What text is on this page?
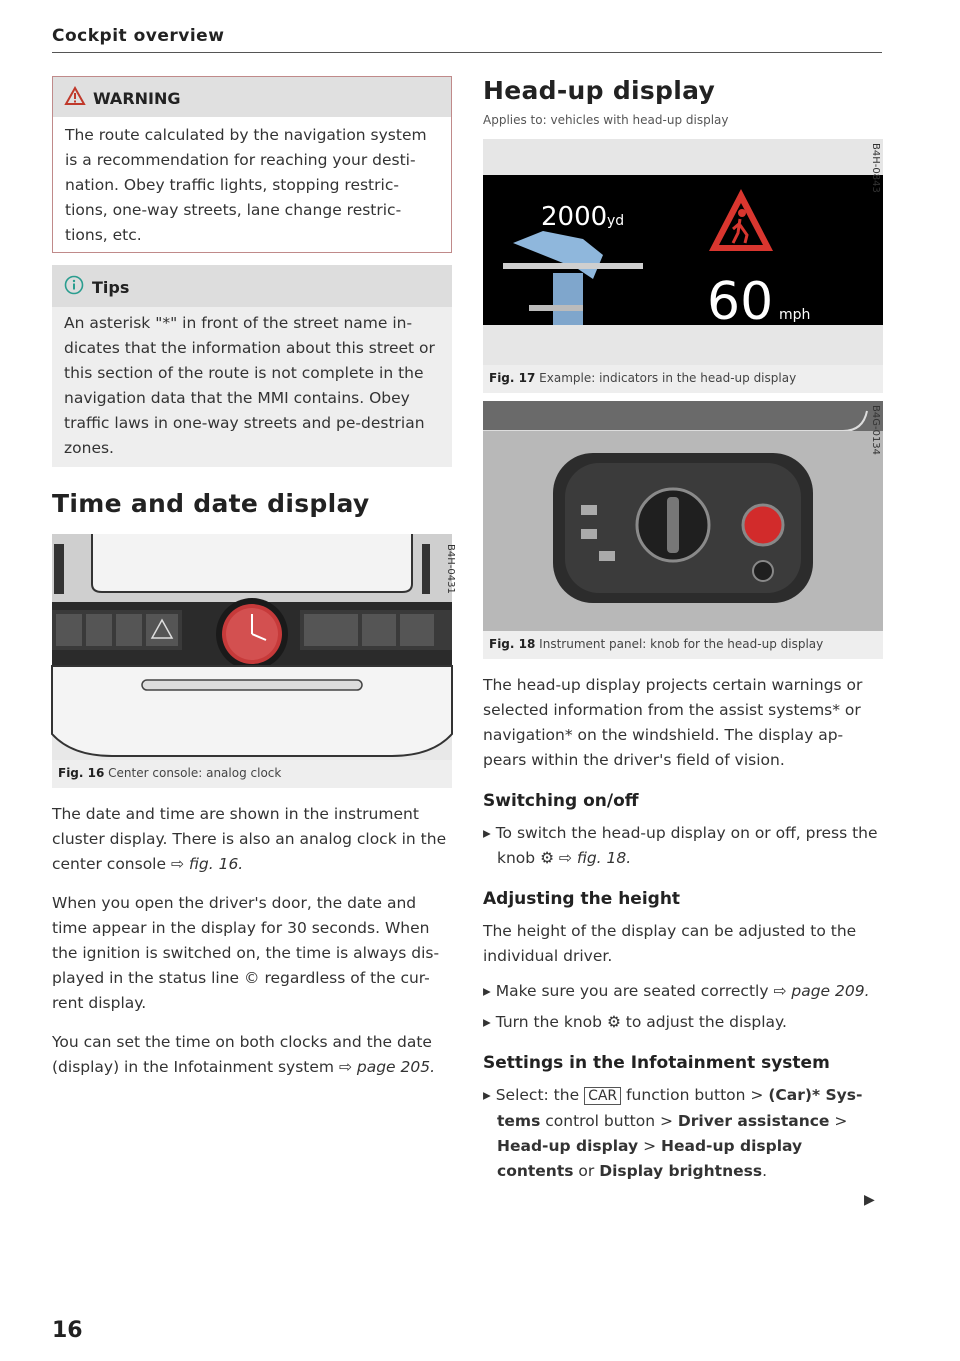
Cockpit overview
WARNING
The route calculated by the navigation system is a recommendation for reaching your desti-nation. Obey traffic lights, stopping restric-tions, one-way streets, lane change restric-tions, etc.
Tips
An asterisk "*" in front of the street name in-dicates that the information about this street or this section of the route is not complete in the navigation data that the MMI contains. Obey traffic laws in one-way streets and pe-destrian zones.
Time and date display
B4H-0431
Fig. 16 Center console: analog clock

The date and time are shown in the instrument cluster display. There is also an analog clock in the center console ⇨ fig. 16.

When you open the driver's door, the date and time appear in the display for 30 seconds. When the ignition is switched on, the time is always dis-played in the status line © regardless of the cur-rent display.

You can set the time on both clocks and the date (display) in the Infotainment system ⇨ page 205.

Head-up display
Applies to: vehicles with head-up display
2000 yd
60 mph
B4H-0843
Fig. 17 Example: indicators in the head-up display
B4G-0134
Fig. 18 Instrument panel: knob for the head-up display

The head-up display projects certain warnings or selected information from the assist systems* or navigation* on the windshield. The display ap-pears within the driver's field of vision.

Switching on/off
▸ To switch the head-up display on or off, press the knob ⚙ ⇨ fig. 18.
Adjusting the height

The height of the display can be adjusted to the individual driver.

▸ Make sure you are seated correctly ⇨ page 209.
▸ Turn the knob ⚙ to adjust the display.
Settings in the Infotainment system
▸ Select: the CAR function button > (Car)* Sys-tems control button > Driver assistance > Head-up display > Head-up display contents or Display brightness.
16
▶
